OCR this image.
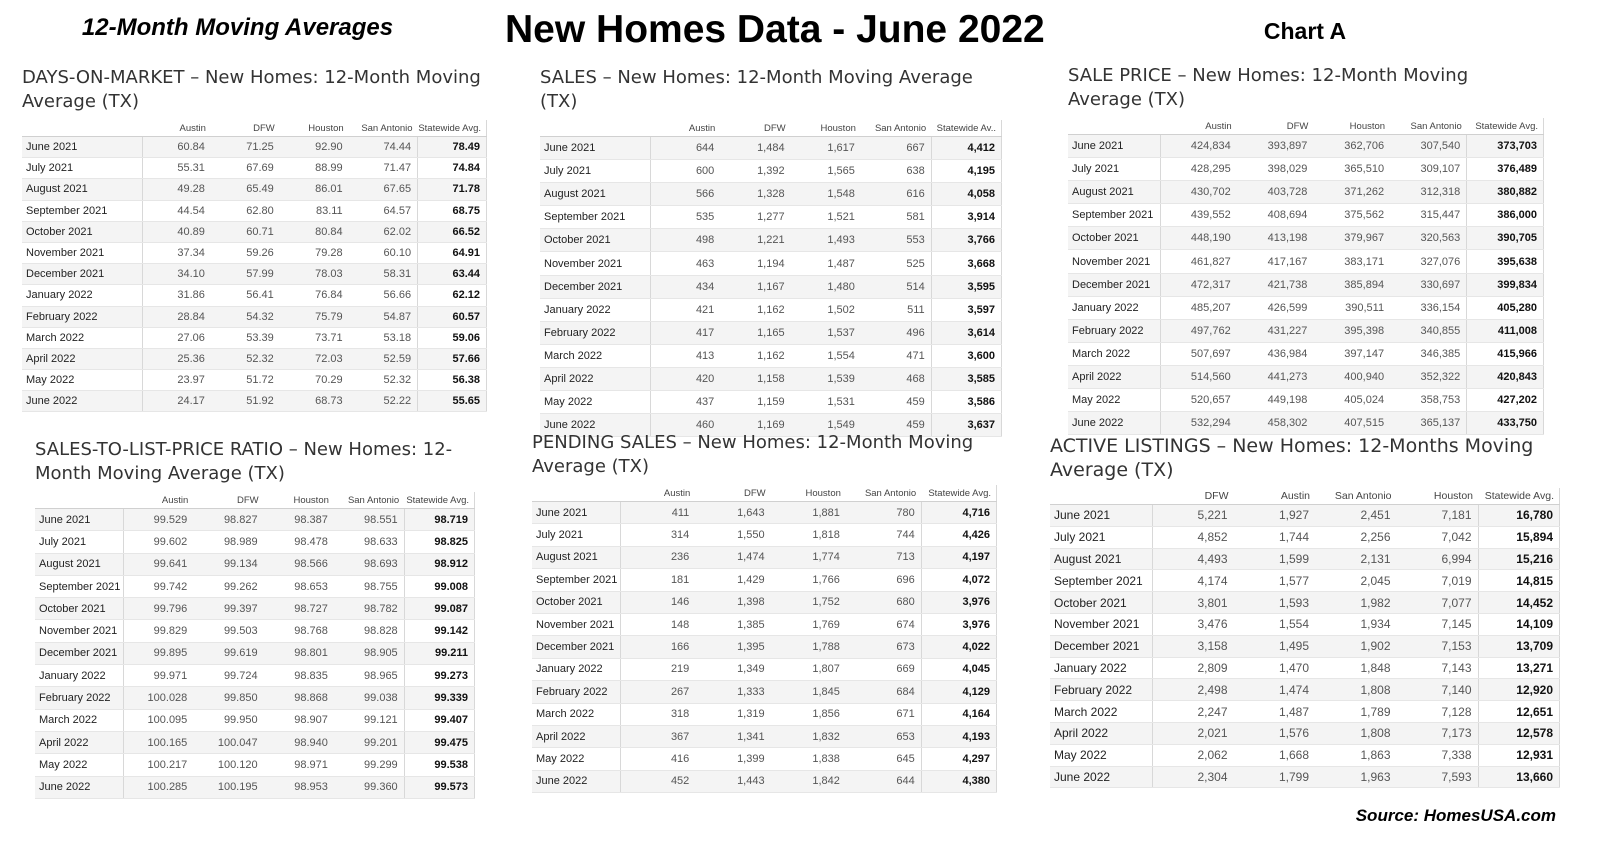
12-Month Moving Averages	New Homes Data - June 2022	Chart A
DAYS-ON-MARKET – New Homes: 12-Month Moving Average (TX)
	Austin	DFW	Houston	San Antonio	Statewide Avg.
June 2021	60.84	71.25	92.90	74.44	78.49
July 2021	55.31	67.69	88.99	71.47	74.84
August 2021	49.28	65.49	86.01	67.65	71.78
September 2021	44.54	62.80	83.11	64.57	68.75
October 2021	40.89	60.71	80.84	62.02	66.52
November 2021	37.34	59.26	79.28	60.10	64.91
December 2021	34.10	57.99	78.03	58.31	63.44
January 2022	31.86	56.41	76.84	56.66	62.12
February 2022	28.84	54.32	75.79	54.87	60.57
March 2022	27.06	53.39	73.71	53.18	59.06
April 2022	25.36	52.32	72.03	52.59	57.66
May 2022	23.97	51.72	70.29	52.32	56.38
June 2022	24.17	51.92	68.73	52.22	55.65
SALES – New Homes: 12-Month Moving Average (TX)
	Austin	DFW	Houston	San Antonio	Statewide Av..
June 2021	644	1,484	1,617	667	4,412
July 2021	600	1,392	1,565	638	4,195
August 2021	566	1,328	1,548	616	4,058
September 2021	535	1,277	1,521	581	3,914
October 2021	498	1,221	1,493	553	3,766
November 2021	463	1,194	1,487	525	3,668
December 2021	434	1,167	1,480	514	3,595
January 2022	421	1,162	1,502	511	3,597
February 2022	417	1,165	1,537	496	3,614
March 2022	413	1,162	1,554	471	3,600
April 2022	420	1,158	1,539	468	3,585
May 2022	437	1,159	1,531	459	3,586
June 2022	460	1,169	1,549	459	3,637
SALE PRICE – New Homes: 12-Month Moving Average (TX)
	Austin	DFW	Houston	San Antonio	Statewide Avg.
June 2021	424,834	393,897	362,706	307,540	373,703
July 2021	428,295	398,029	365,510	309,107	376,489
August 2021	430,702	403,728	371,262	312,318	380,882
September 2021	439,552	408,694	375,562	315,447	386,000
October 2021	448,190	413,198	379,967	320,563	390,705
November 2021	461,827	417,167	383,171	327,076	395,638
December 2021	472,317	421,738	385,894	330,697	399,834
January 2022	485,207	426,599	390,511	336,154	405,280
February 2022	497,762	431,227	395,398	340,855	411,008
March 2022	507,697	436,984	397,147	346,385	415,966
April 2022	514,560	441,273	400,940	352,322	420,843
May 2022	520,657	449,198	405,024	358,753	427,202
June 2022	532,294	458,302	407,515	365,137	433,750
SALES-TO-LIST-PRICE RATIO – New Homes: 12-Month Moving Average (TX)
	Austin	DFW	Houston	San Antonio	Statewide Avg.
June 2021	99.529	98.827	98.387	98.551	98.719
July 2021	99.602	98.989	98.478	98.633	98.825
August 2021	99.641	99.134	98.566	98.693	98.912
September 2021	99.742	99.262	98.653	98.755	99.008
October 2021	99.796	99.397	98.727	98.782	99.087
November 2021	99.829	99.503	98.768	98.828	99.142
December 2021	99.895	99.619	98.801	98.905	99.211
January 2022	99.971	99.724	98.835	98.965	99.273
February 2022	100.028	99.850	98.868	99.038	99.339
March 2022	100.095	99.950	98.907	99.121	99.407
April 2022	100.165	100.047	98.940	99.201	99.475
May 2022	100.217	100.120	98.971	99.299	99.538
June 2022	100.285	100.195	98.953	99.360	99.573
PENDING SALES – New Homes: 12-Month Moving Average (TX)
	Austin	DFW	Houston	San Antonio	Statewide Avg.
June 2021	411	1,643	1,881	780	4,716
July 2021	314	1,550	1,818	744	4,426
August 2021	236	1,474	1,774	713	4,197
September 2021	181	1,429	1,766	696	4,072
October 2021	146	1,398	1,752	680	3,976
November 2021	148	1,385	1,769	674	3,976
December 2021	166	1,395	1,788	673	4,022
January 2022	219	1,349	1,807	669	4,045
February 2022	267	1,333	1,845	684	4,129
March 2022	318	1,319	1,856	671	4,164
April 2022	367	1,341	1,832	653	4,193
May 2022	416	1,399	1,838	645	4,297
June 2022	452	1,443	1,842	644	4,380
ACTIVE LISTINGS – New Homes: 12-Months Moving Average (TX)
	DFW	Austin	San Antonio	Houston	Statewide Avg.
June 2021	5,221	1,927	2,451	7,181	16,780
July 2021	4,852	1,744	2,256	7,042	15,894
August 2021	4,493	1,599	2,131	6,994	15,216
September 2021	4,174	1,577	2,045	7,019	14,815
October 2021	3,801	1,593	1,982	7,077	14,452
November 2021	3,476	1,554	1,934	7,145	14,109
December 2021	3,158	1,495	1,902	7,153	13,709
January 2022	2,809	1,470	1,848	7,143	13,271
February 2022	2,498	1,474	1,808	7,140	12,920
March 2022	2,247	1,487	1,789	7,128	12,651
April 2022	2,021	1,576	1,808	7,173	12,578
May 2022	2,062	1,668	1,863	7,338	12,931
June 2022	2,304	1,799	1,963	7,593	13,660
Source: HomesUSA.com
